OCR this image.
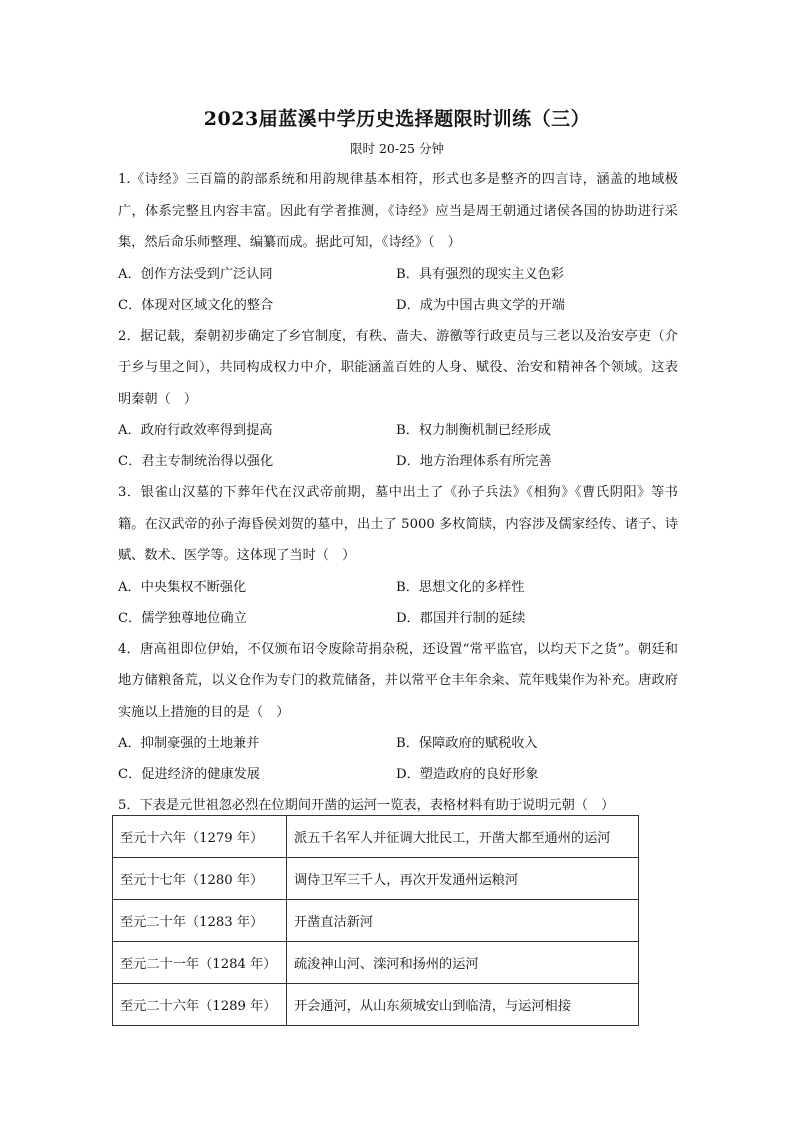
2023届蓝溪中学历史选择题限时训练（三）
限时 20-25 分钟

1.《诗经》三百篇的韵部系统和用韵规律基本相符，形式也多是整齐的四言诗，涵盖的地域极广，体系完整且内容丰富。因此有学者推测，《诗经》应当是周王朝通过诸侯各国的协助进行采集，然后命乐师整理、编纂而成。据此可知，《诗经》（　）

A．创作方法受到广泛认同	B．具有强烈的现实主义色彩
C．体现对区域文化的整合	D．成为中国古典文学的开端

2．据记载，秦朝初步确定了乡官制度，有秩、啬夫、游徼等行政吏员与三老以及治安亭吏（介于乡与里之间），共同构成权力中介，职能涵盖百姓的人身、赋役、治安和精神各个领域。这表明秦朝（　）

A．政府行政效率得到提高	B．权力制衡机制已经形成
C．君主专制统治得以强化	D．地方治理体系有所完善

3．银雀山汉墓的下葬年代在汉武帝前期，墓中出土了《孙子兵法》《相狗》《曹氏阴阳》等书籍。在汉武帝的孙子海昏侯刘贺的墓中，出土了 5000 多枚简牍，内容涉及儒家经传、诸子、诗赋、数术、医学等。这体现了当时（　）

A．中央集权不断强化	B．思想文化的多样性
C．儒学独尊地位确立	D．郡国并行制的延续

4．唐高祖即位伊始，不仅颁布诏令废除苛捐杂税，还设置“常平监官，以均天下之货”。朝廷和地方储粮备荒，以义仓作为专门的救荒储备，并以常平仓丰年余籴、荒年贱粜作为补充。唐政府实施以上措施的目的是（　）

A．抑制豪强的土地兼并	B．保障政府的赋税收入
C．促进经济的健康发展	D．塑造政府的良好形象

5．下表是元世祖忽必烈在位期间开凿的运河一览表，表格材料有助于说明元朝（　）

至元十六年（1279 年）	派五千名军人并征调大批民工，开凿大都至通州的运河
至元十七年（1280 年）	调侍卫军三千人，再次开发通州运粮河
至元二十年（1283 年）	开凿直沽新河
至元二十一年（1284 年）	疏浚神山河、滦河和扬州的运河
至元二十六年（1289 年）	开会通河，从山东须城安山到临清，与运河相接
